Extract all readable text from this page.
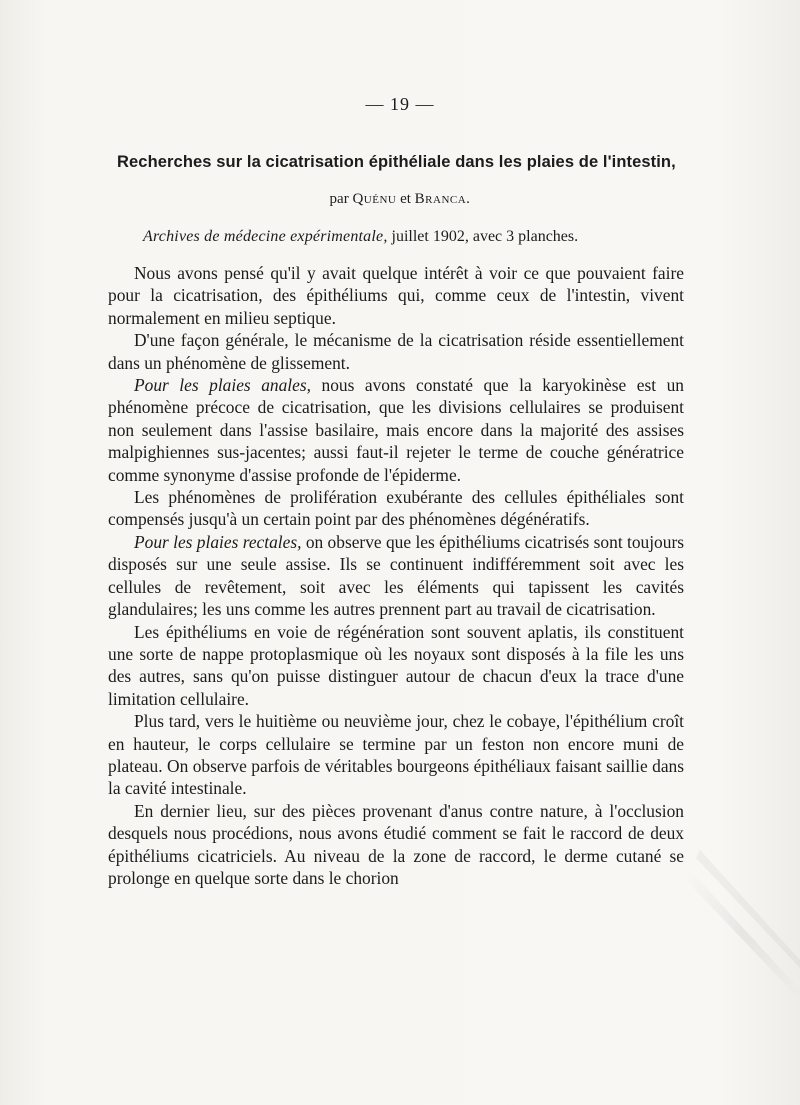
— 19 —
Recherches sur la cicatrisation épithéliale dans les plaies de l'intestin,
par Quénu et Branca.
Archives de médecine expérimentale, juillet 1902, avec 3 planches.

Nous avons pensé qu'il y avait quelque intérêt à voir ce que pouvaient faire pour la cicatrisation, des épithéliums qui, comme ceux de l'intestin, vivent normalement en milieu septique.

D'une façon générale, le mécanisme de la cicatrisation réside essentiellement dans un phénomène de glissement.

Pour les plaies anales, nous avons constaté que la karyokinèse est un phénomène précoce de cicatrisation, que les divisions cellulaires se produisent non seulement dans l'assise basilaire, mais encore dans la majorité des assises malpighiennes sus-jacentes; aussi faut-il rejeter le terme de couche génératrice comme synonyme d'assise profonde de l'épiderme.

Les phénomènes de prolifération exubérante des cellules épithéliales sont compensés jusqu'à un certain point par des phénomènes dégénératifs.

Pour les plaies rectales, on observe que les épithéliums cicatrisés sont toujours disposés sur une seule assise. Ils se continuent indifféremment soit avec les cellules de revêtement, soit avec les éléments qui tapissent les cavités glandulaires; les uns comme les autres prennent part au travail de cicatrisation.

Les épithéliums en voie de régénération sont souvent aplatis, ils constituent une sorte de nappe protoplasmique où les noyaux sont disposés à la file les uns des autres, sans qu'on puisse distinguer autour de chacun d'eux la trace d'une limitation cellulaire.

Plus tard, vers le huitième ou neuvième jour, chez le cobaye, l'épithélium croît en hauteur, le corps cellulaire se termine par un feston non encore muni de plateau. On observe parfois de véritables bourgeons épithéliaux faisant saillie dans la cavité intestinale.

En dernier lieu, sur des pièces provenant d'anus contre nature, à l'occlusion desquels nous procédions, nous avons étudié comment se fait le raccord de deux épithéliums cicatriciels. Au niveau de la zone de raccord, le derme cutané se prolonge en quelque sorte dans le chorion
